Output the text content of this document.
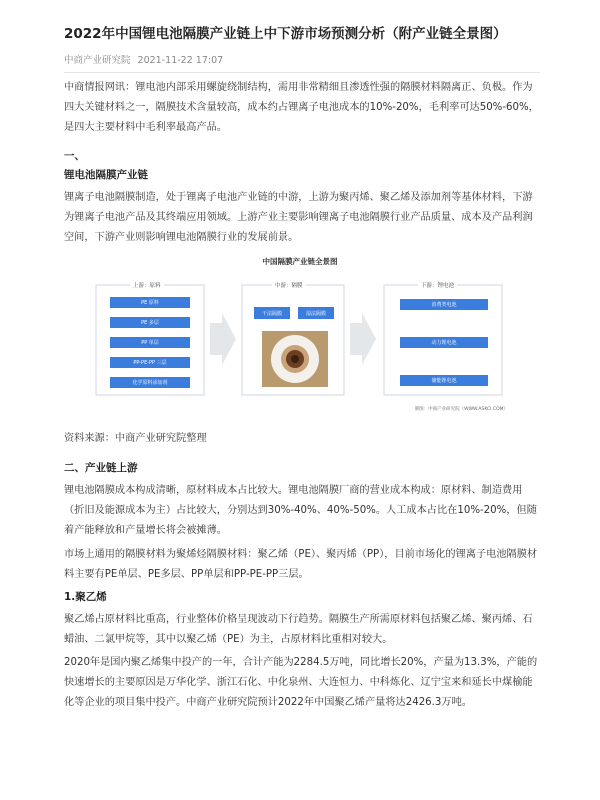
2022年中国锂电池隔膜产业链上中下游市场预测分析（附产业链全景图）
中商产业研究院 2021-11-22 17:07
中商情报网讯：锂电池内部采用螺旋绕制结构，需用非常精细且渗透性强的隔膜材料隔离正、负极。作为四大关键材料之一，隔膜技术含量较高，成本约占锂离子电池成本的10%-20%，毛利率可达50%-60%，是四大主要材料中毛利率最高产品。
一、
锂电池隔膜产业链
锂离子电池隔膜制造，处于锂离子电池产业链的中游，上游为聚丙烯、聚乙烯及添加剂等基体材料，下游为锂离子电池产品及其终端应用领域。上游产业主要影响锂离子电池隔膜行业产品质量、成本及产品利润空间，下游产业则影响锂电池隔膜行业的发展前景。
中国隔膜产业链全景图
上游：原料	中游：隔膜	下游：锂电池
PE 原料
PE 多层
PP 单层
PP-PE-PP 三层
化学原料添加剂
干法隔膜	湿法隔膜
消费类电池
动力锂电池
储能锂电池
制图：中商产业研究院（WWW.ASKCI.COM）
资料来源：中商产业研究院整理
二、产业链上游
锂电池隔膜成本构成清晰，原材料成本占比较大。锂电池隔膜厂商的营业成本构成：原材料、制造费用（折旧及能源成本为主）占比较大，分别达到30%-40%、40%-50%。人工成本占比在10%-20%，但随着产能释放和产量增长将会被摊薄。
市场上通用的隔膜材料为聚烯烃隔膜材料：聚乙烯（PE）、聚丙烯（PP），目前市场化的锂离子电池隔膜材料主要有PE单层、PE多层、PP单层和PP-PE-PP三层。
1.聚乙烯
聚乙烯占原材料比重高，行业整体价格呈现波动下行趋势。隔膜生产所需原材料包括聚乙烯、聚丙烯、石蜡油、二氯甲烷等，其中以聚乙烯（PE）为主，占原材料比重相对较大。
2020年是国内聚乙烯集中投产的一年，合计产能为2284.5万吨，同比增长20%，产量为13.3%，产能的快速增长的主要原因是万华化学、浙江石化、中化泉州、大连恒力、中科炼化、辽宁宝来和延长中煤榆能化等企业的项目集中投产。中商产业研究院预计2022年中国聚乙烯产量将达2426.3万吨。
